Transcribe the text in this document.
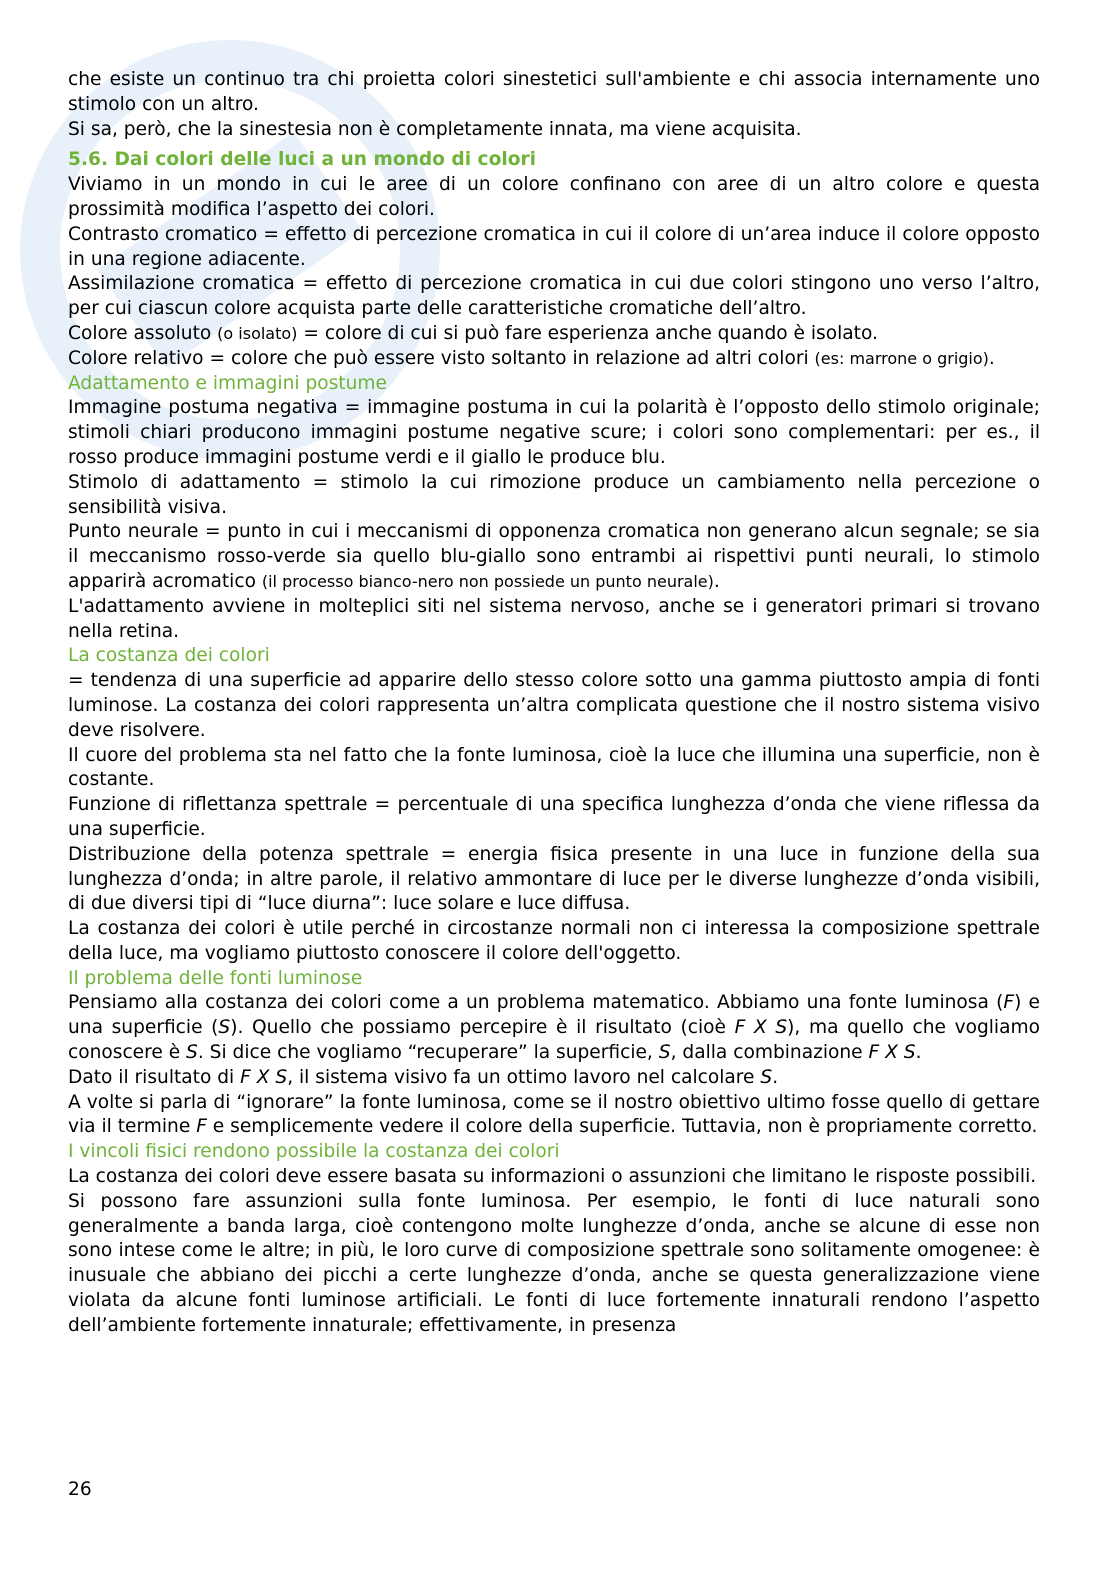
che esiste un continuo tra chi proietta colori sinestetici sull'ambiente e chi associa internamente uno stimolo con un altro.

Si sa, però, che la sinestesia non è completamente innata, ma viene acquisita.

5.6. Dai colori delle luci a un mondo di colori

Viviamo in un mondo in cui le aree di un colore confinano con aree di un altro colore e questa prossimità modifica l’aspetto dei colori.

Contrasto cromatico = effetto di percezione cromatica in cui il colore di un’area induce il colore opposto in una regione adiacente.

Assimilazione cromatica = effetto di percezione cromatica in cui due colori stingono uno verso l’altro, per cui ciascun colore acquista parte delle caratteristiche cromatiche dell’altro.

Colore assoluto (o isolato) = colore di cui si può fare esperienza anche quando è isolato.

Colore relativo = colore che può essere visto soltanto in relazione ad altri colori (es: marrone o grigio).

Adattamento e immagini postume

Immagine postuma negativa = immagine postuma in cui la polarità è l’opposto dello stimolo originale; stimoli chiari producono immagini postume negative scure; i colori sono complementari: per es., il rosso produce immagini postume verdi e il giallo le produce blu.

Stimolo di adattamento = stimolo la cui rimozione produce un cambiamento nella percezione o sensibilità visiva.

Punto neurale = punto in cui i meccanismi di opponenza cromatica non generano alcun segnale; se sia il meccanismo rosso-verde sia quello blu-giallo sono entrambi ai rispettivi punti neurali, lo stimolo apparirà acromatico (il processo bianco-nero non possiede un punto neurale).

L'adattamento avviene in molteplici siti nel sistema nervoso, anche se i generatori primari si trovano nella retina.

La costanza dei colori

= tendenza di una superficie ad apparire dello stesso colore sotto una gamma piuttosto ampia di fonti luminose. La costanza dei colori rappresenta un’altra complicata questione che il nostro sistema visivo deve risolvere.

Il cuore del problema sta nel fatto che la fonte luminosa, cioè la luce che illumina una superficie, non è costante.

Funzione di riflettanza spettrale = percentuale di una specifica lunghezza d’onda che viene riflessa da una superficie.

Distribuzione della potenza spettrale = energia fisica presente in una luce in funzione della sua lunghezza d’onda; in altre parole, il relativo ammontare di luce per le diverse lunghezze d’onda visibili, di due diversi tipi di “luce diurna”: luce solare e luce diffusa.

La costanza dei colori è utile perché in circostanze normali non ci interessa la composizione spettrale della luce, ma vogliamo piuttosto conoscere il colore dell'oggetto.

Il problema delle fonti luminose

Pensiamo alla costanza dei colori come a un problema matematico. Abbiamo una fonte luminosa (F) e una superficie (S). Quello che possiamo percepire è il risultato (cioè F X S), ma quello che vogliamo conoscere è S. Si dice che vogliamo “recuperare” la superficie, S, dalla combinazione F X S.

Dato il risultato di F X S, il sistema visivo fa un ottimo lavoro nel calcolare S.

A volte si parla di “ignorare” la fonte luminosa, come se il nostro obiettivo ultimo fosse quello di gettare via il termine F e semplicemente vedere il colore della superficie. Tuttavia, non è propriamente corretto.

I vincoli fisici rendono possibile la costanza dei colori

La costanza dei colori deve essere basata su informazioni o assunzioni che limitano le risposte possibili.

Si possono fare assunzioni sulla fonte luminosa. Per esempio, le fonti di luce naturali sono generalmente a banda larga, cioè contengono molte lunghezze d’onda, anche se alcune di esse non sono intese come le altre; in più, le loro curve di composizione spettrale sono solitamente omogenee: è inusuale che abbiano dei picchi a certe lunghezze d’onda, anche se questa generalizzazione viene violata da alcune fonti luminose artificiali. Le fonti di luce fortemente innaturali rendono l’aspetto dell’ambiente fortemente innaturale; effettivamente, in presenza

26
